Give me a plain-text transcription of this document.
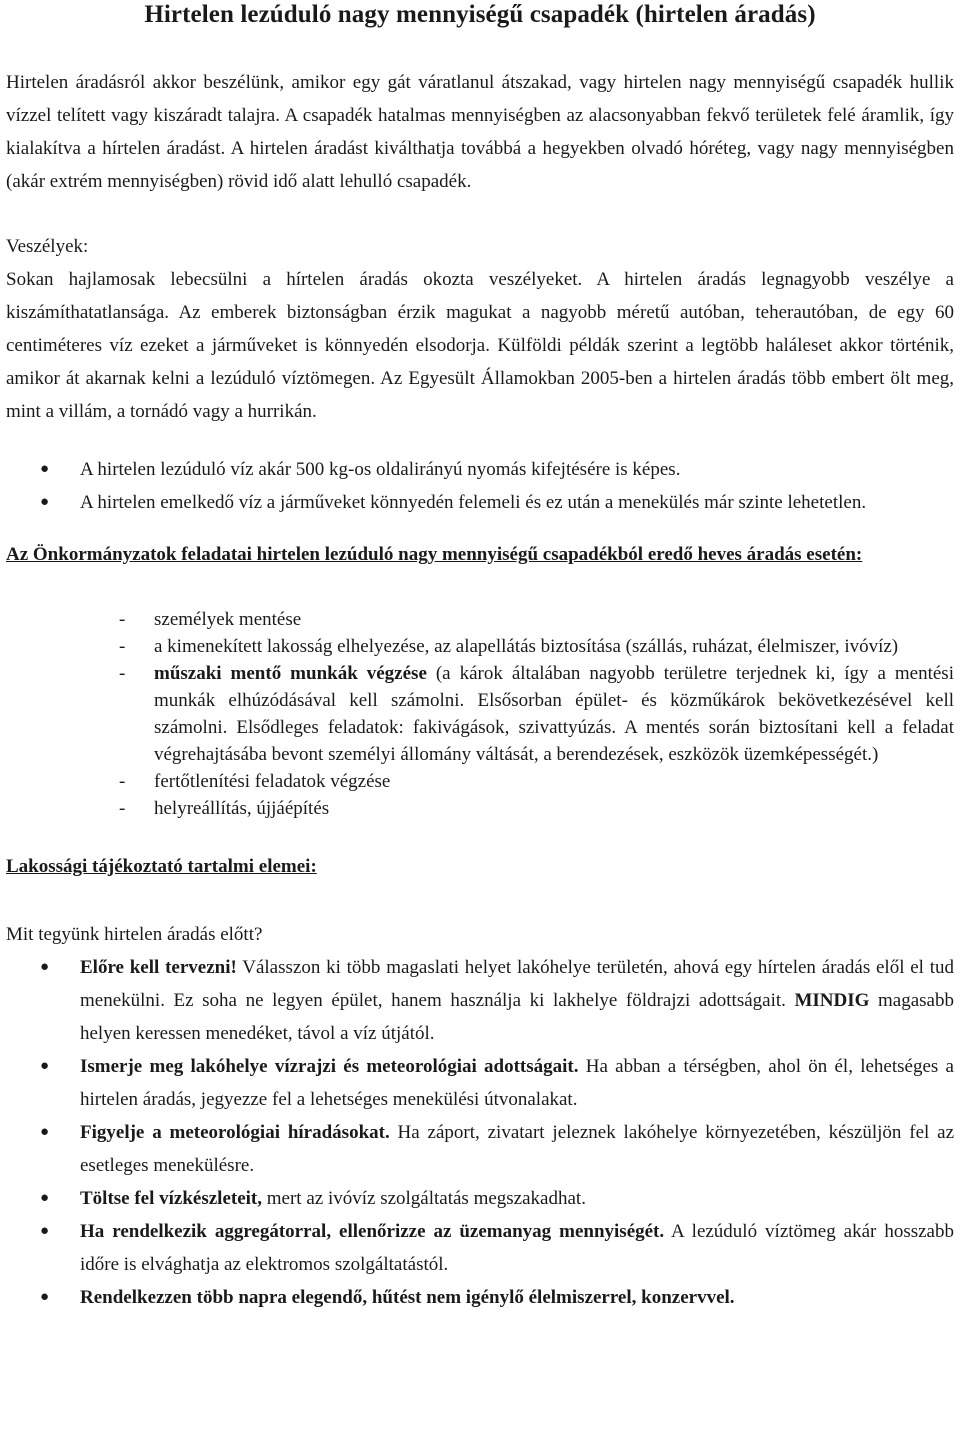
Hirtelen lezúduló nagy mennyiségű csapadék (hirtelen áradás)

Hirtelen áradásról akkor beszélünk, amikor egy gát váratlanul átszakad, vagy hirtelen nagy mennyiségű csapadék hullik vízzel telített vagy kiszáradt talajra. A csapadék hatalmas mennyiségben az alacsonyabban fekvő területek felé áramlik, így kialakítva a hírtelen áradást. A hirtelen áradást kiválthatja továbbá a hegyekben olvadó hóréteg, vagy nagy mennyiségben (akár extrém mennyiségben) rövid idő alatt lehulló csapadék.

Veszélyek:

Sokan hajlamosak lebecsülni a hírtelen áradás okozta veszélyeket. A hirtelen áradás legnagyobb veszélye a kiszámíthatatlansága. Az emberek biztonságban érzik magukat a nagyobb méretű autóban, teherautóban, de egy 60 centiméteres víz ezeket a járműveket is könnyedén elsodorja. Külföldi példák szerint a legtöbb haláleset akkor történik, amikor át akarnak kelni a lezúduló víztömegen. Az Egyesült Államokban 2005-ben a hirtelen áradás több embert ölt meg, mint a villám, a tornádó vagy a hurrikán.

● A hirtelen lezúduló víz akár 500 kg-os oldalirányú nyomás kifejtésére is képes.
● A hirtelen emelkedő víz a járműveket könnyedén felemeli és ez után a menekülés már szinte lehetetlen.
Az Önkormányzatok feladatai hirtelen lezúduló nagy mennyiségű csapadékból eredő heves áradás esetén:
- személyek mentése
- a kimenekített lakosság elhelyezése, az alapellátás biztosítása (szállás, ruházat, élelmiszer, ivóvíz)
- műszaki mentő munkák végzése (a károk általában nagyobb területre terjednek ki, így a mentési munkák elhúzódásával kell számolni. Elsősorban épület- és közműkárok bekövetkezésével kell számolni. Elsődleges feladatok: fakivágások, szivattyúzás. A mentés során biztosítani kell a feladat végrehajtásába bevont személyi állomány váltását, a berendezések, eszközök üzemképességét.)
- fertőtlenítési feladatok végzése
- helyreállítás, újjáépítés
Lakossági tájékoztató tartalmi elemei:
Mit tegyünk hirtelen áradás előtt?
● Előre kell tervezni! Válasszon ki több magaslati helyet lakóhelye területén, ahová egy hírtelen áradás elől el tud menekülni. Ez soha ne legyen épület, hanem használja ki lakhelye földrajzi adottságait. MINDIG magasabb helyen keressen menedéket, távol a víz útjától.
● Ismerje meg lakóhelye vízrajzi és meteorológiai adottságait. Ha abban a térségben, ahol ön él, lehetséges a hirtelen áradás, jegyezze fel a lehetséges menekülési útvonalakat.
● Figyelje a meteorológiai híradásokat. Ha záport, zivatart jeleznek lakóhelye környezetében, készüljön fel az esetleges menekülésre.
● Töltse fel vízkészleteit, mert az ivóvíz szolgáltatás megszakadhat.
● Ha rendelkezik aggregátorral, ellenőrizze az üzemanyag mennyiségét. A lezúduló víztömeg akár hosszabb időre is elvághatja az elektromos szolgáltatástól.
● Rendelkezzen több napra elegendő, hűtést nem igénylő élelmiszerrel, konzervvel.
